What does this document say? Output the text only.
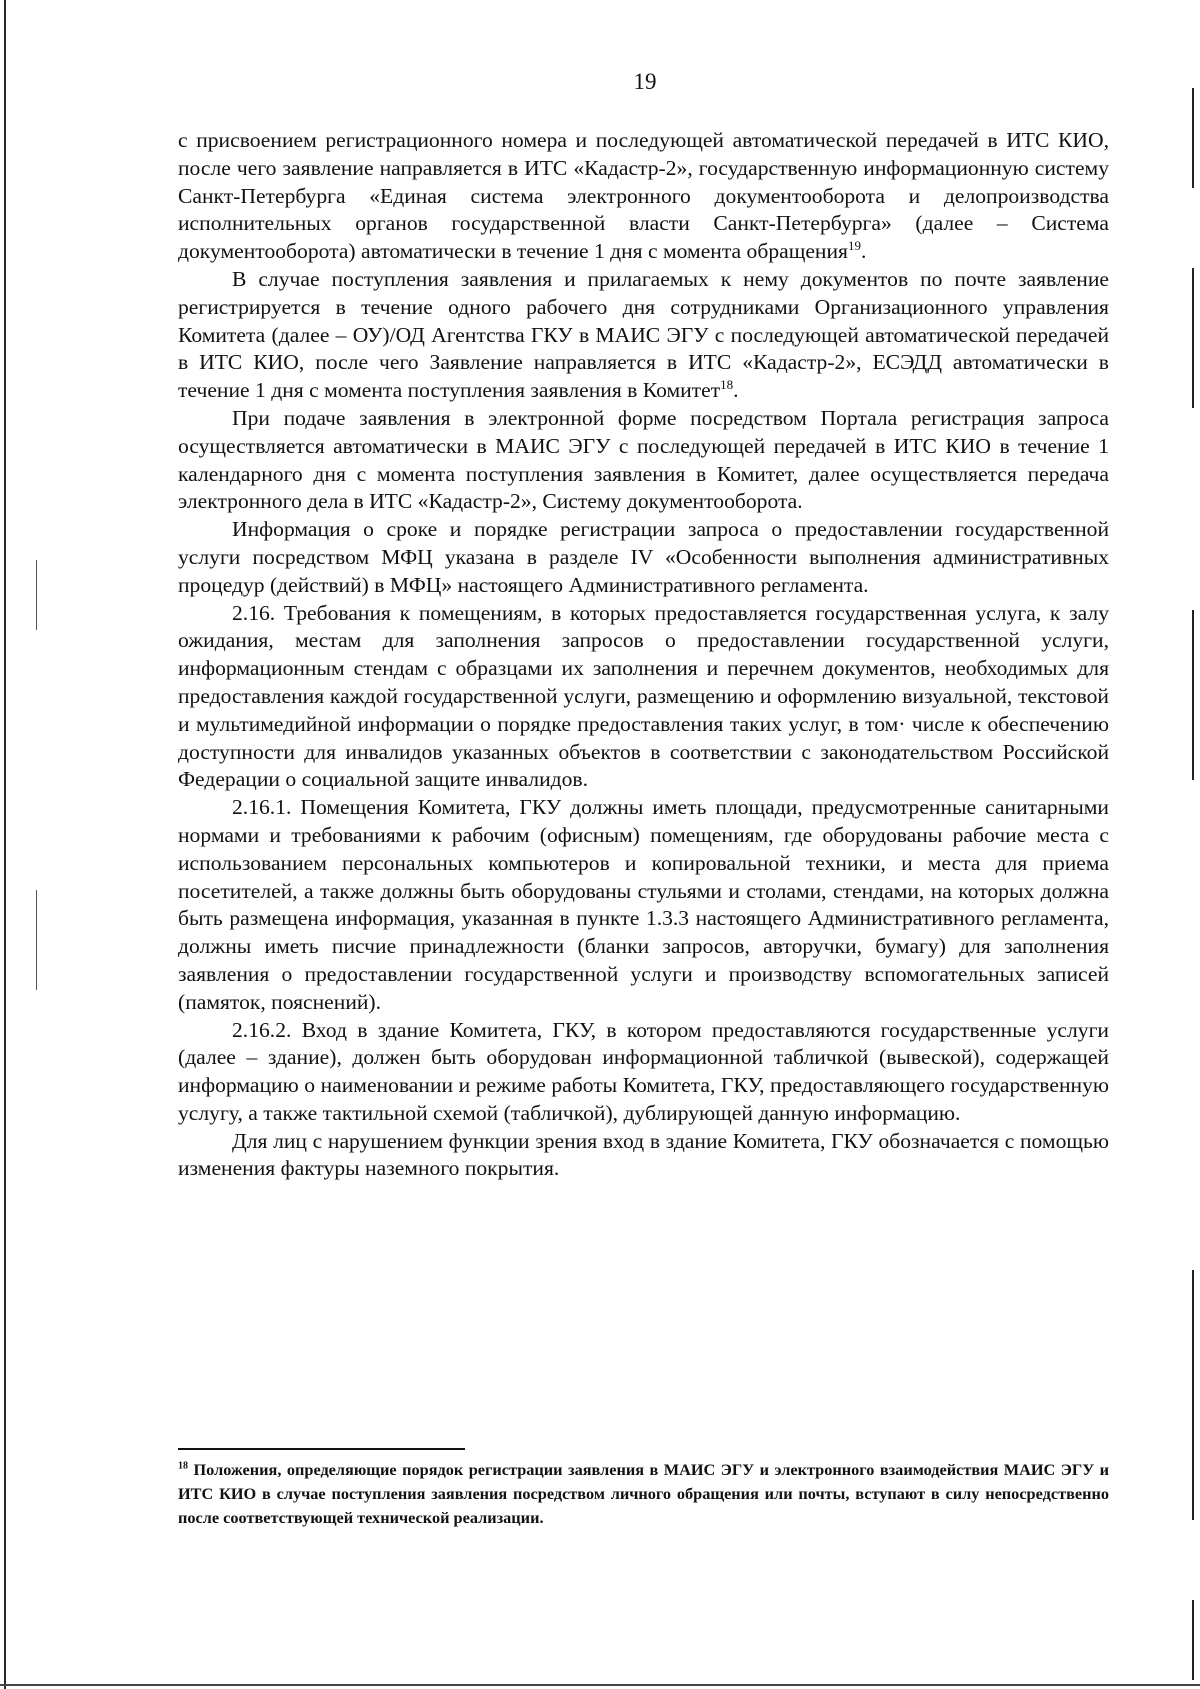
19

с присвоением регистрационного номера и последующей автоматической передачей в ИТС КИО, после чего заявление направляется в ИТС «Кадастр-2», государственную информационную систему Санкт-Петербурга «Единая система электронного документооборота и делопроизводства исполнительных органов государственной власти Санкт-Петербурга» (далее – Система документооборота) автоматически в течение 1 дня с момента обращения$^{19}$.

В случае поступления заявления и прилагаемых к нему документов по почте заявление регистрируется в течение одного рабочего дня сотрудниками Организационного управления Комитета (далее – ОУ)/ОД Агентства ГКУ в МАИС ЭГУ с последующей автоматической передачей в ИТС КИО, после чего Заявление направляется в ИТС «Кадастр-2», ЕСЭДД автоматически в течение 1 дня с момента поступления заявления в Комитет$^{18}$.

При подаче заявления в электронной форме посредством Портала регистрация запроса осуществляется автоматически в МАИС ЭГУ с последующей передачей в ИТС КИО в течение 1 календарного дня с момента поступления заявления в Комитет, далее осуществляется передача электронного дела в ИТС «Кадастр-2», Систему документооборота.

Информация о сроке и порядке регистрации запроса о предоставлении государственной услуги посредством МФЦ указана в разделе IV «Особенности выполнения административных процедур (действий) в МФЦ» настоящего Административного регламента.

2.16. Требования к помещениям, в которых предоставляется государственная услуга, к залу ожидания, местам для заполнения запросов о предоставлении государственной услуги, информационным стендам с образцами их заполнения и перечнем документов, необходимых для предоставления каждой государственной услуги, размещению и оформлению визуальной, текстовой и мультимедийной информации о порядке предоставления таких услуг, в том· числе к обеспечению доступности для инвалидов указанных объектов в соответствии с законодательством Российской Федерации о социальной защите инвалидов.

2.16.1. Помещения Комитета, ГКУ должны иметь площади, предусмотренные санитарными нормами и требованиями к рабочим (офисным) помещениям, где оборудованы рабочие места с использованием персональных компьютеров и копировальной техники, и места для приема посетителей, а также должны быть оборудованы стульями и столами, стендами, на которых должна быть размещена информация, указанная в пункте 1.3.3 настоящего Административного регламента, должны иметь писчие принадлежности (бланки запросов, авторучки, бумагу) для заполнения заявления о предоставлении государственной услуги и производству вспомогательных записей (памяток, пояснений).

2.16.2. Вход в здание Комитета, ГКУ, в котором предоставляются государственные услуги (далее – здание), должен быть оборудован информационной табличкой (вывеской), содержащей информацию о наименовании и режиме работы Комитета, ГКУ, предоставляющего государственную услугу, а также тактильной схемой (табличкой), дублирующей данную информацию.

Для лиц с нарушением функции зрения вход в здание Комитета, ГКУ обозначается с помощью изменения фактуры наземного покрытия.

$^{18}$ Положения, определяющие порядок регистрации заявления в МАИС ЭГУ и электронного взаимодействия МАИС ЭГУ и ИТС КИО в случае поступления заявления посредством личного обращения или почты, вступают в силу непосредственно после соответствующей технической реализации.
